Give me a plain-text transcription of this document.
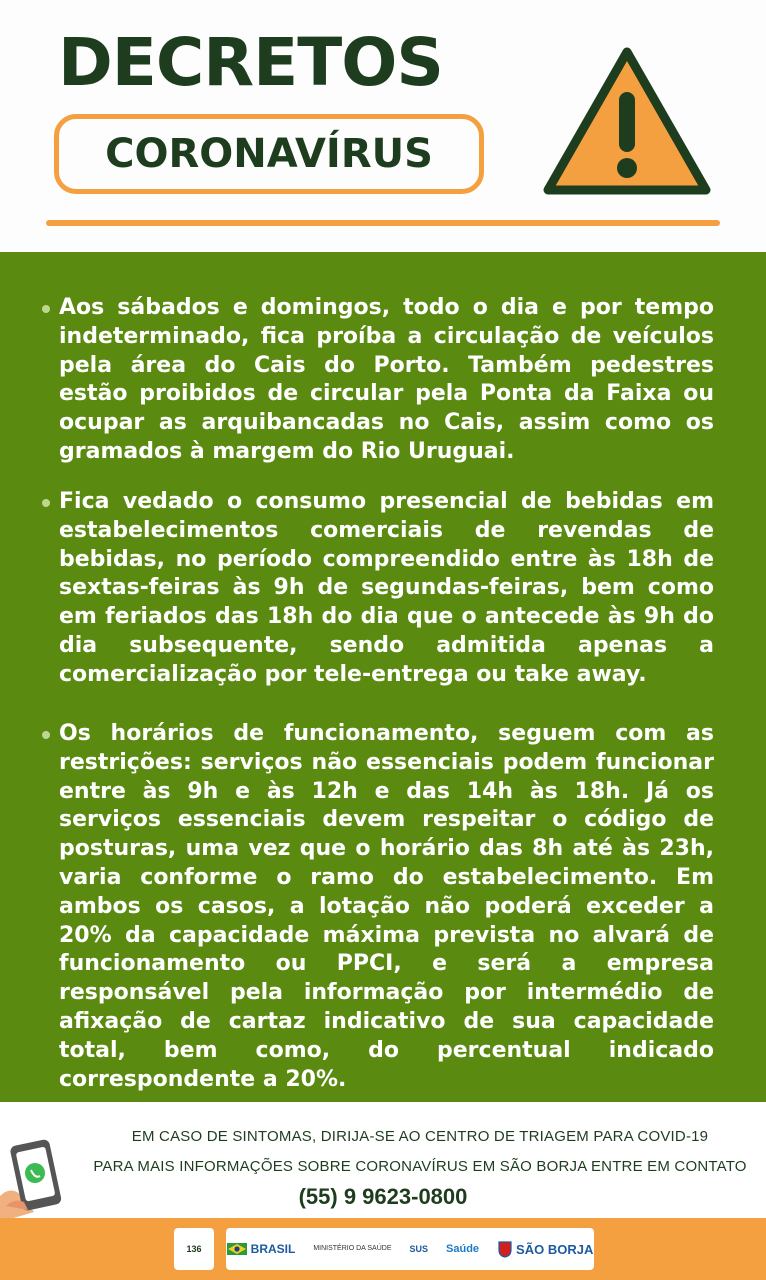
DECRETOS
CORONAVÍRUS
Aos sábados e domingos, todo o dia e por tempo indeterminado, fica proíba a circulação de veículos pela área do Cais do Porto. Também pedestres estão proibidos de circular pela Ponta da Faixa ou ocupar as arquibancadas no Cais, assim como os gramados à margem do Rio Uruguai.
Fica vedado o consumo presencial de bebidas em estabelecimentos comerciais de revendas de bebidas, no período compreendido entre às 18h de sextas-feiras às 9h de segundas-feiras, bem como em feriados das 18h do dia que o antecede às 9h do dia subsequente, sendo admitida apenas a comercialização por tele-entrega ou take away.
Os horários de funcionamento, seguem com as restrições: serviços não essenciais podem funcionar entre às 9h e às 12h e das 14h às 18h. Já os serviços essenciais devem respeitar o código de posturas, uma vez que o horário das 8h até às 23h, varia conforme o ramo do estabelecimento. Em ambos os casos, a lotação não poderá exceder a 20% da capacidade máxima prevista no alvará de funcionamento ou PPCI, e será a empresa responsável pela informação por intermédio de afixação de cartaz indicativo de sua capacidade total, bem como, do percentual indicado correspondente a 20%.
EM CASO DE SINTOMAS, DIRIJA-SE AO CENTRO DE TRIAGEM PARA COVID-19
PARA MAIS INFORMAÇÕES SOBRE CORONAVÍRUS EM SÃO BORJA ENTRE EM CONTATO
(55) 9 9623-0800
136	BRASIL	MINISTÉRIO DA SAÚDE SUS Saúde	SÃO BORJA
